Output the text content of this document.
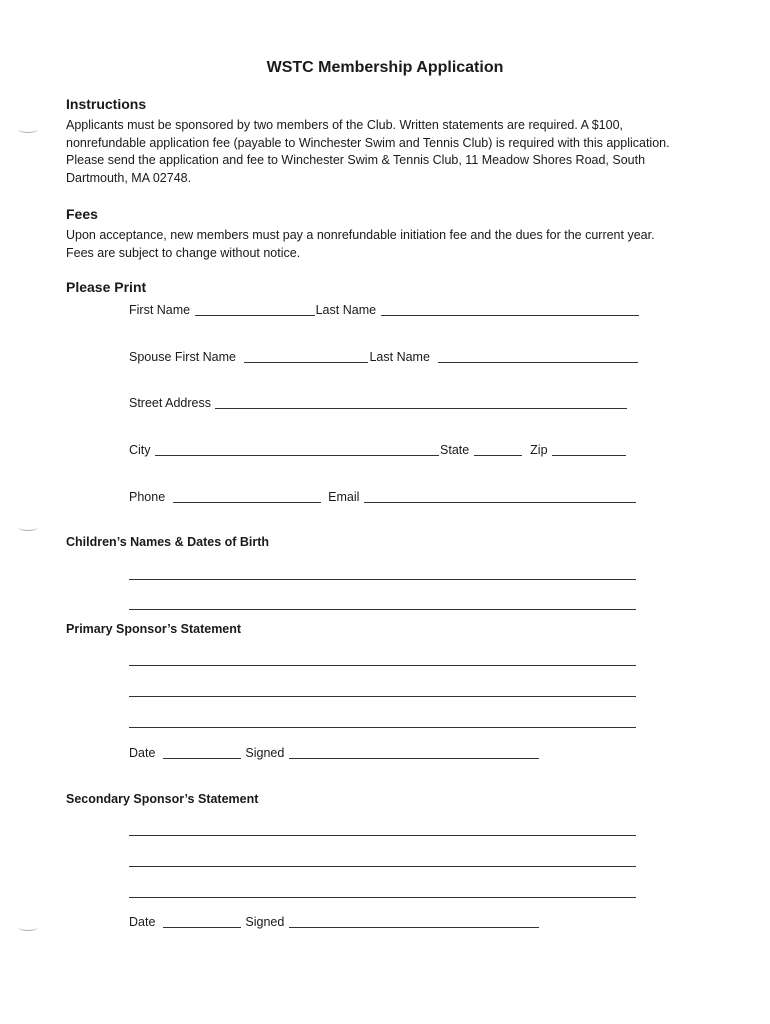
WSTC Membership Application
Instructions
Applicants must be sponsored by two members of the Club. Written statements are required. A $100,
nonrefundable application fee (payable to Winchester Swim and Tennis Club) is required with this application.
Please send the application and fee to Winchester Swim & Tennis Club, 11 Meadow Shores Road, South
Dartmouth, MA 02748.
Fees
Upon acceptance, new members must pay a nonrefundable initiation fee and the dues for the current year.
Fees are subject to change without notice.
Please Print
First Name	Last Name
Spouse First Name	Last Name
Street Address
City	State	Zip
Phone	Email
Children’s Names & Dates of Birth
Primary Sponsor’s Statement
Date	Signed
Secondary Sponsor’s Statement
Date	Signed
